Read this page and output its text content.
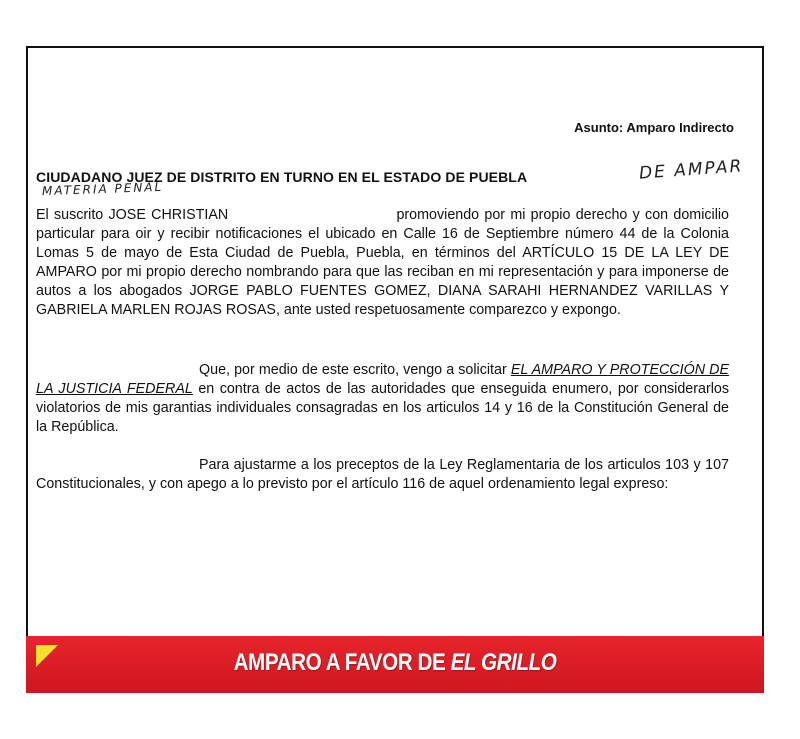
Asunto: Amparo Indirecto
CIUDADANO JUEZ DE DISTRITO EN TURNO EN EL ESTADO DE PUEBLA	DE AMPAR
MATERIA PENAL
El suscrito JOSE CHRISTIAN	promoviendo por mi propio derecho y con domicilio particular para oir y recibir notificaciones el ubicado en Calle 16 de Septiembre número 44 de la Colonia Lomas 5 de mayo de Esta Ciudad de Puebla, Puebla, en términos del ARTÍCULO 15 DE LA LEY DE AMPARO por mi propio derecho nombrando para que las reciban en mi representación y para imponerse de autos a los abogados JORGE PABLO FUENTES GOMEZ, DIANA SARAHI HERNANDEZ VARILLAS Y GABRIELA MARLEN ROJAS ROSAS, ante usted respetuosamente comparezco y expongo.
Que, por medio de este escrito, vengo a solicitar EL AMPARO Y PROTECCIÓN DE LA JUSTICIA FEDERAL en contra de actos de las autoridades que enseguida enumero, por considerarlos violatorios de mis garantias individuales consagradas en los articulos 14 y 16 de la Constitución General de la República.
Para ajustarme a los preceptos de la Ley Reglamentaria de los articulos 103 y 107 Constitucionales, y con apego a lo previsto por el artículo 116 de aquel ordenamiento legal expreso:
AMPARO A FAVOR DE EL GRILLO
